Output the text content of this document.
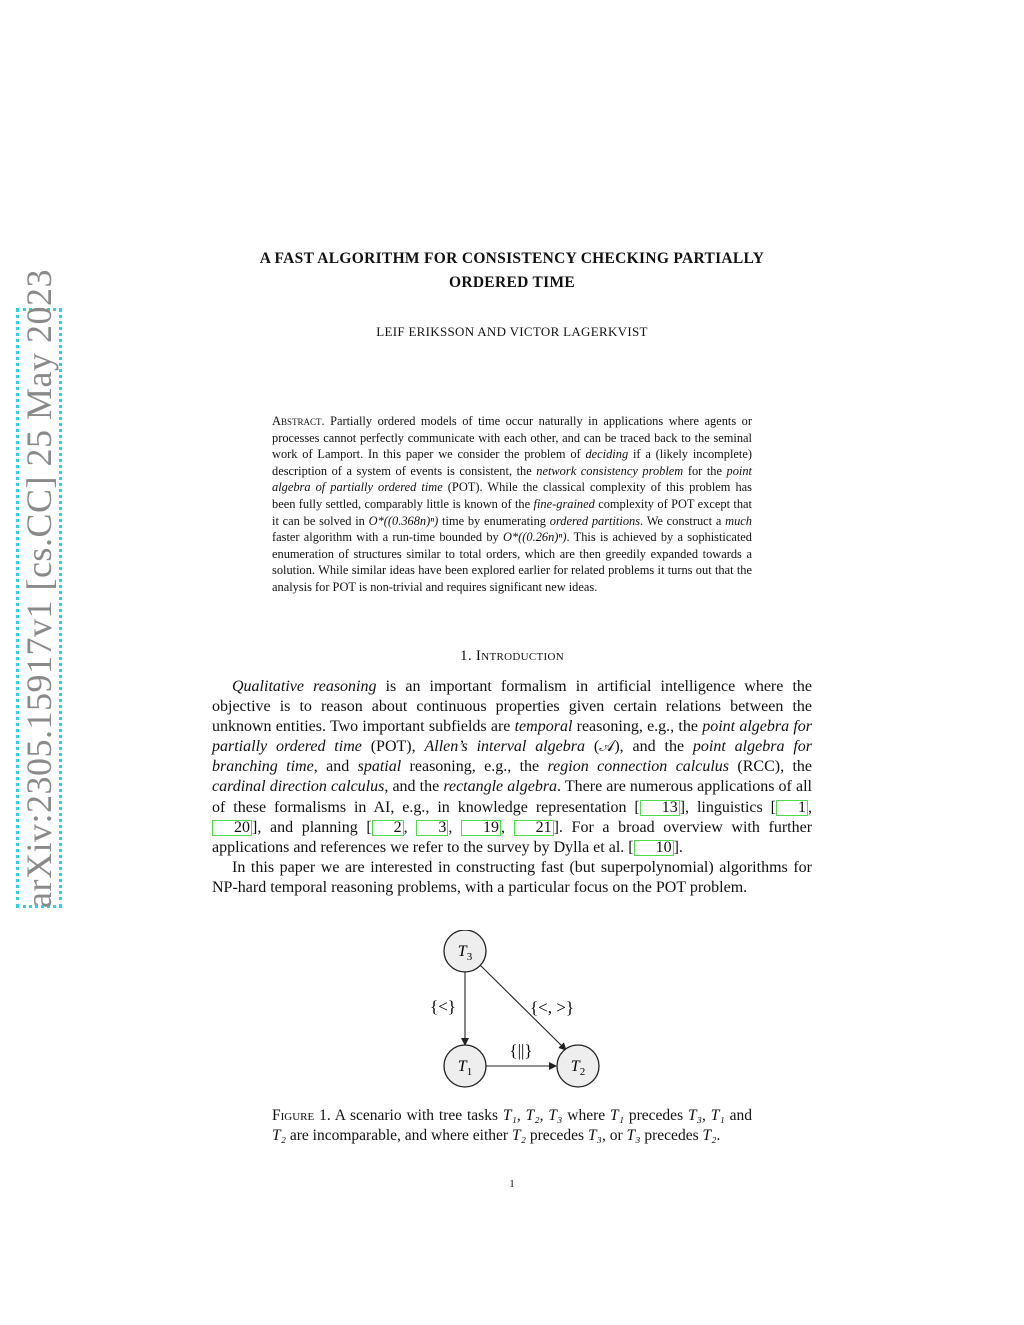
arXiv:2305.15917v1 [cs.CC] 25 May 2023
A FAST ALGORITHM FOR CONSISTENCY CHECKING PARTIALLY
ORDERED TIME
LEIF ERIKSSON AND VICTOR LAGERKVIST
Abstract. Partially ordered models of time occur naturally in applications where agents or processes cannot perfectly communicate with each other, and can be traced back to the seminal work of Lamport. In this paper we consider the problem of deciding if a (likely incomplete) description of a system of events is consistent, the network consistency problem for the point algebra of partially ordered time (POT). While the classical complexity of this problem has been fully settled, comparably little is known of the fine-grained complexity of POT except that it can be solved in O*((0.368n)ⁿ) time by enumerating ordered partitions. We construct a much faster algorithm with a run-time bounded by O*((0.26n)ⁿ). This is achieved by a sophisticated enumeration of structures similar to total orders, which are then greedily expanded towards a solution. While similar ideas have been explored earlier for related problems it turns out that the analysis for POT is non-trivial and requires significant new ideas.
1. Introduction

Qualitative reasoning is an important formalism in artificial intelligence where the objective is to reason about continuous properties given certain relations between the unknown entities. Two important subfields are temporal reasoning, e.g., the point algebra for partially ordered time (POT), Allen’s interval algebra (𝒜), and the point algebra for branching time, and spatial reasoning, e.g., the region connection calculus (RCC), the cardinal direction calculus, and the rectangle algebra. There are numerous applications of all of these formalisms in AI, e.g., in knowledge representation [ 13 ], linguistics [ 1 , 20 ], and planning [ 2 , 3 , 19 , 21 ]. For a broad overview with further applications and references we refer to the survey by Dylla et al. [ 10 ].

In this paper we are interested in constructing fast (but superpolynomial) algorithms for NP-hard temporal reasoning problems, with a particular focus on the POT problem.

$T_3$
$T_1$	$T_2$
{<}	{<, >}
{||}
Figure 1. A scenario with tree tasks T₁, T₂, T₃ where T₁ precedes T₃, T₁ and T₂ are incomparable, and where either T₂ precedes T₃, or T₃ precedes T₂.
1
